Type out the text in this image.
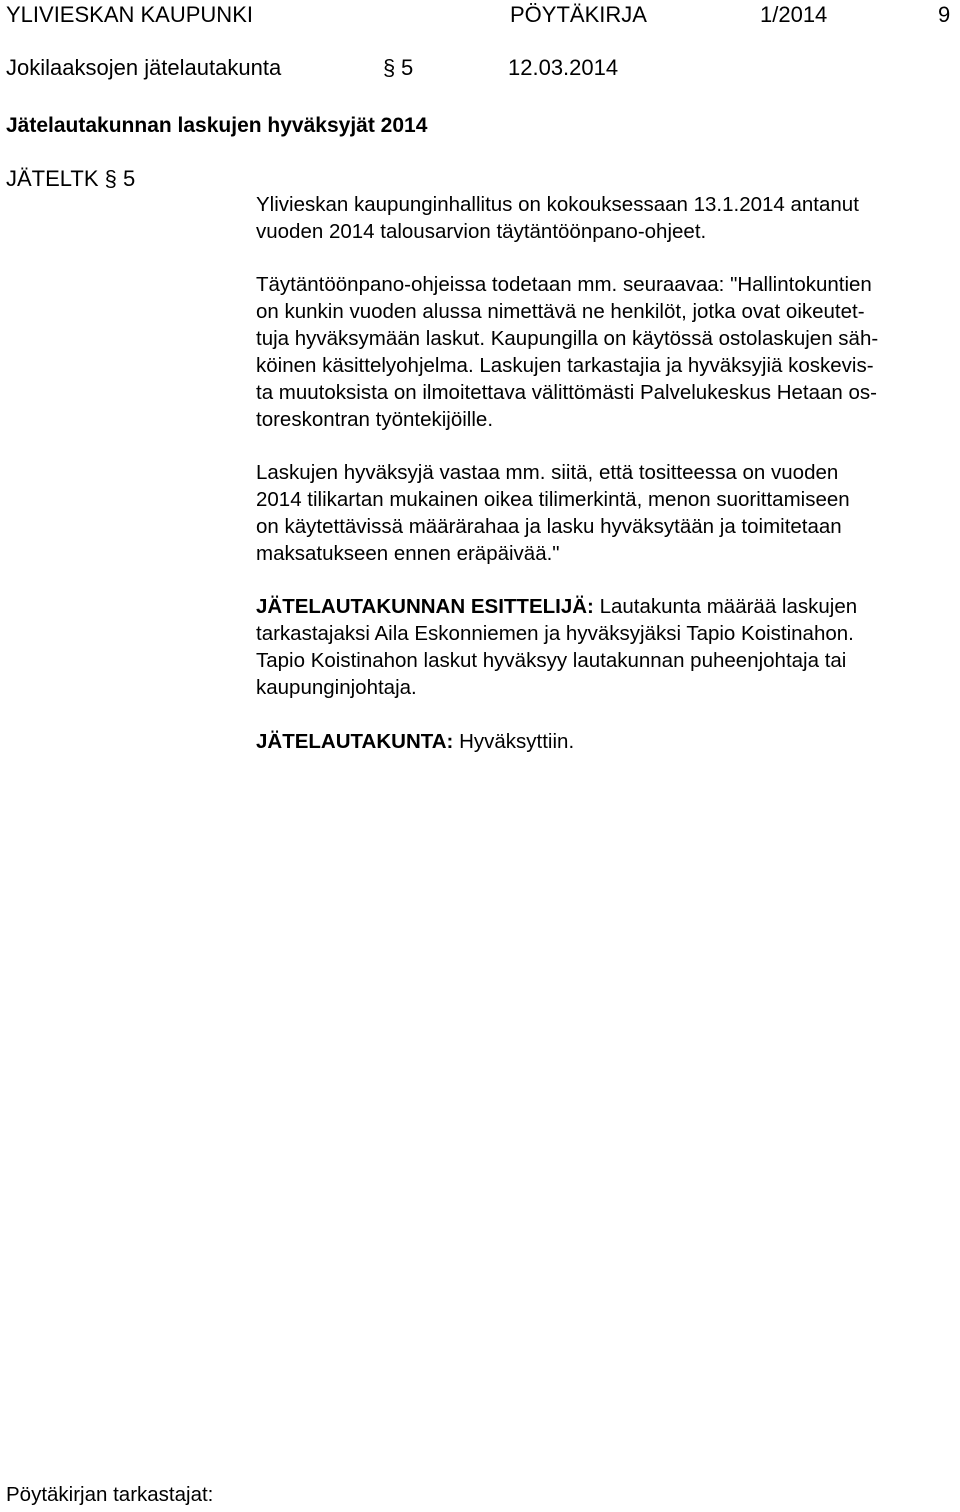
YLIVIESKAN KAUPUNKI	PÖYTÄKIRJA	1/2014	9
Jokilaaksojen jätelautakunta	§ 5	12.03.2014
Jätelautakunnan laskujen hyväksyjät 2014
JÄTELTK § 5
Ylivieskan kaupunginhallitus on kokouksessaan 13.1.2014 antanut
vuoden 2014 talousarvion täytäntöönpano-ohjeet.
Täytäntöönpano-ohjeissa todetaan mm. seuraavaa: "Hallintokuntien
on kunkin vuoden alussa nimettävä ne henkilöt, jotka ovat oikeutet-
tuja hyväksymään laskut. Kaupungilla on käytössä ostolaskujen säh-
köinen käsittelyohjelma. Laskujen tarkastajia ja hyväksyjiä koskevis-
ta muutoksista on ilmoitettava välittömästi Palvelukeskus Hetaan os-
toreskontran työntekijöille.
Laskujen hyväksyjä vastaa mm. siitä, että tositteessa on vuoden
2014 tilikartan mukainen oikea tilimerkintä, menon suorittamiseen
on käytettävissä määrärahaa ja lasku hyväksytään ja toimitetaan
maksatukseen ennen eräpäivää."
JÄTELAUTAKUNNAN ESITTELIJÄ: Lautakunta määrää laskujen
tarkastajaksi Aila Eskonniemen ja hyväksyjäksi Tapio Koistinahon.
Tapio Koistinahon laskut hyväksyy lautakunnan puheenjohtaja tai
kaupunginjohtaja.
JÄTELAUTAKUNTA: Hyväksyttiin.
Pöytäkirjan tarkastajat:
